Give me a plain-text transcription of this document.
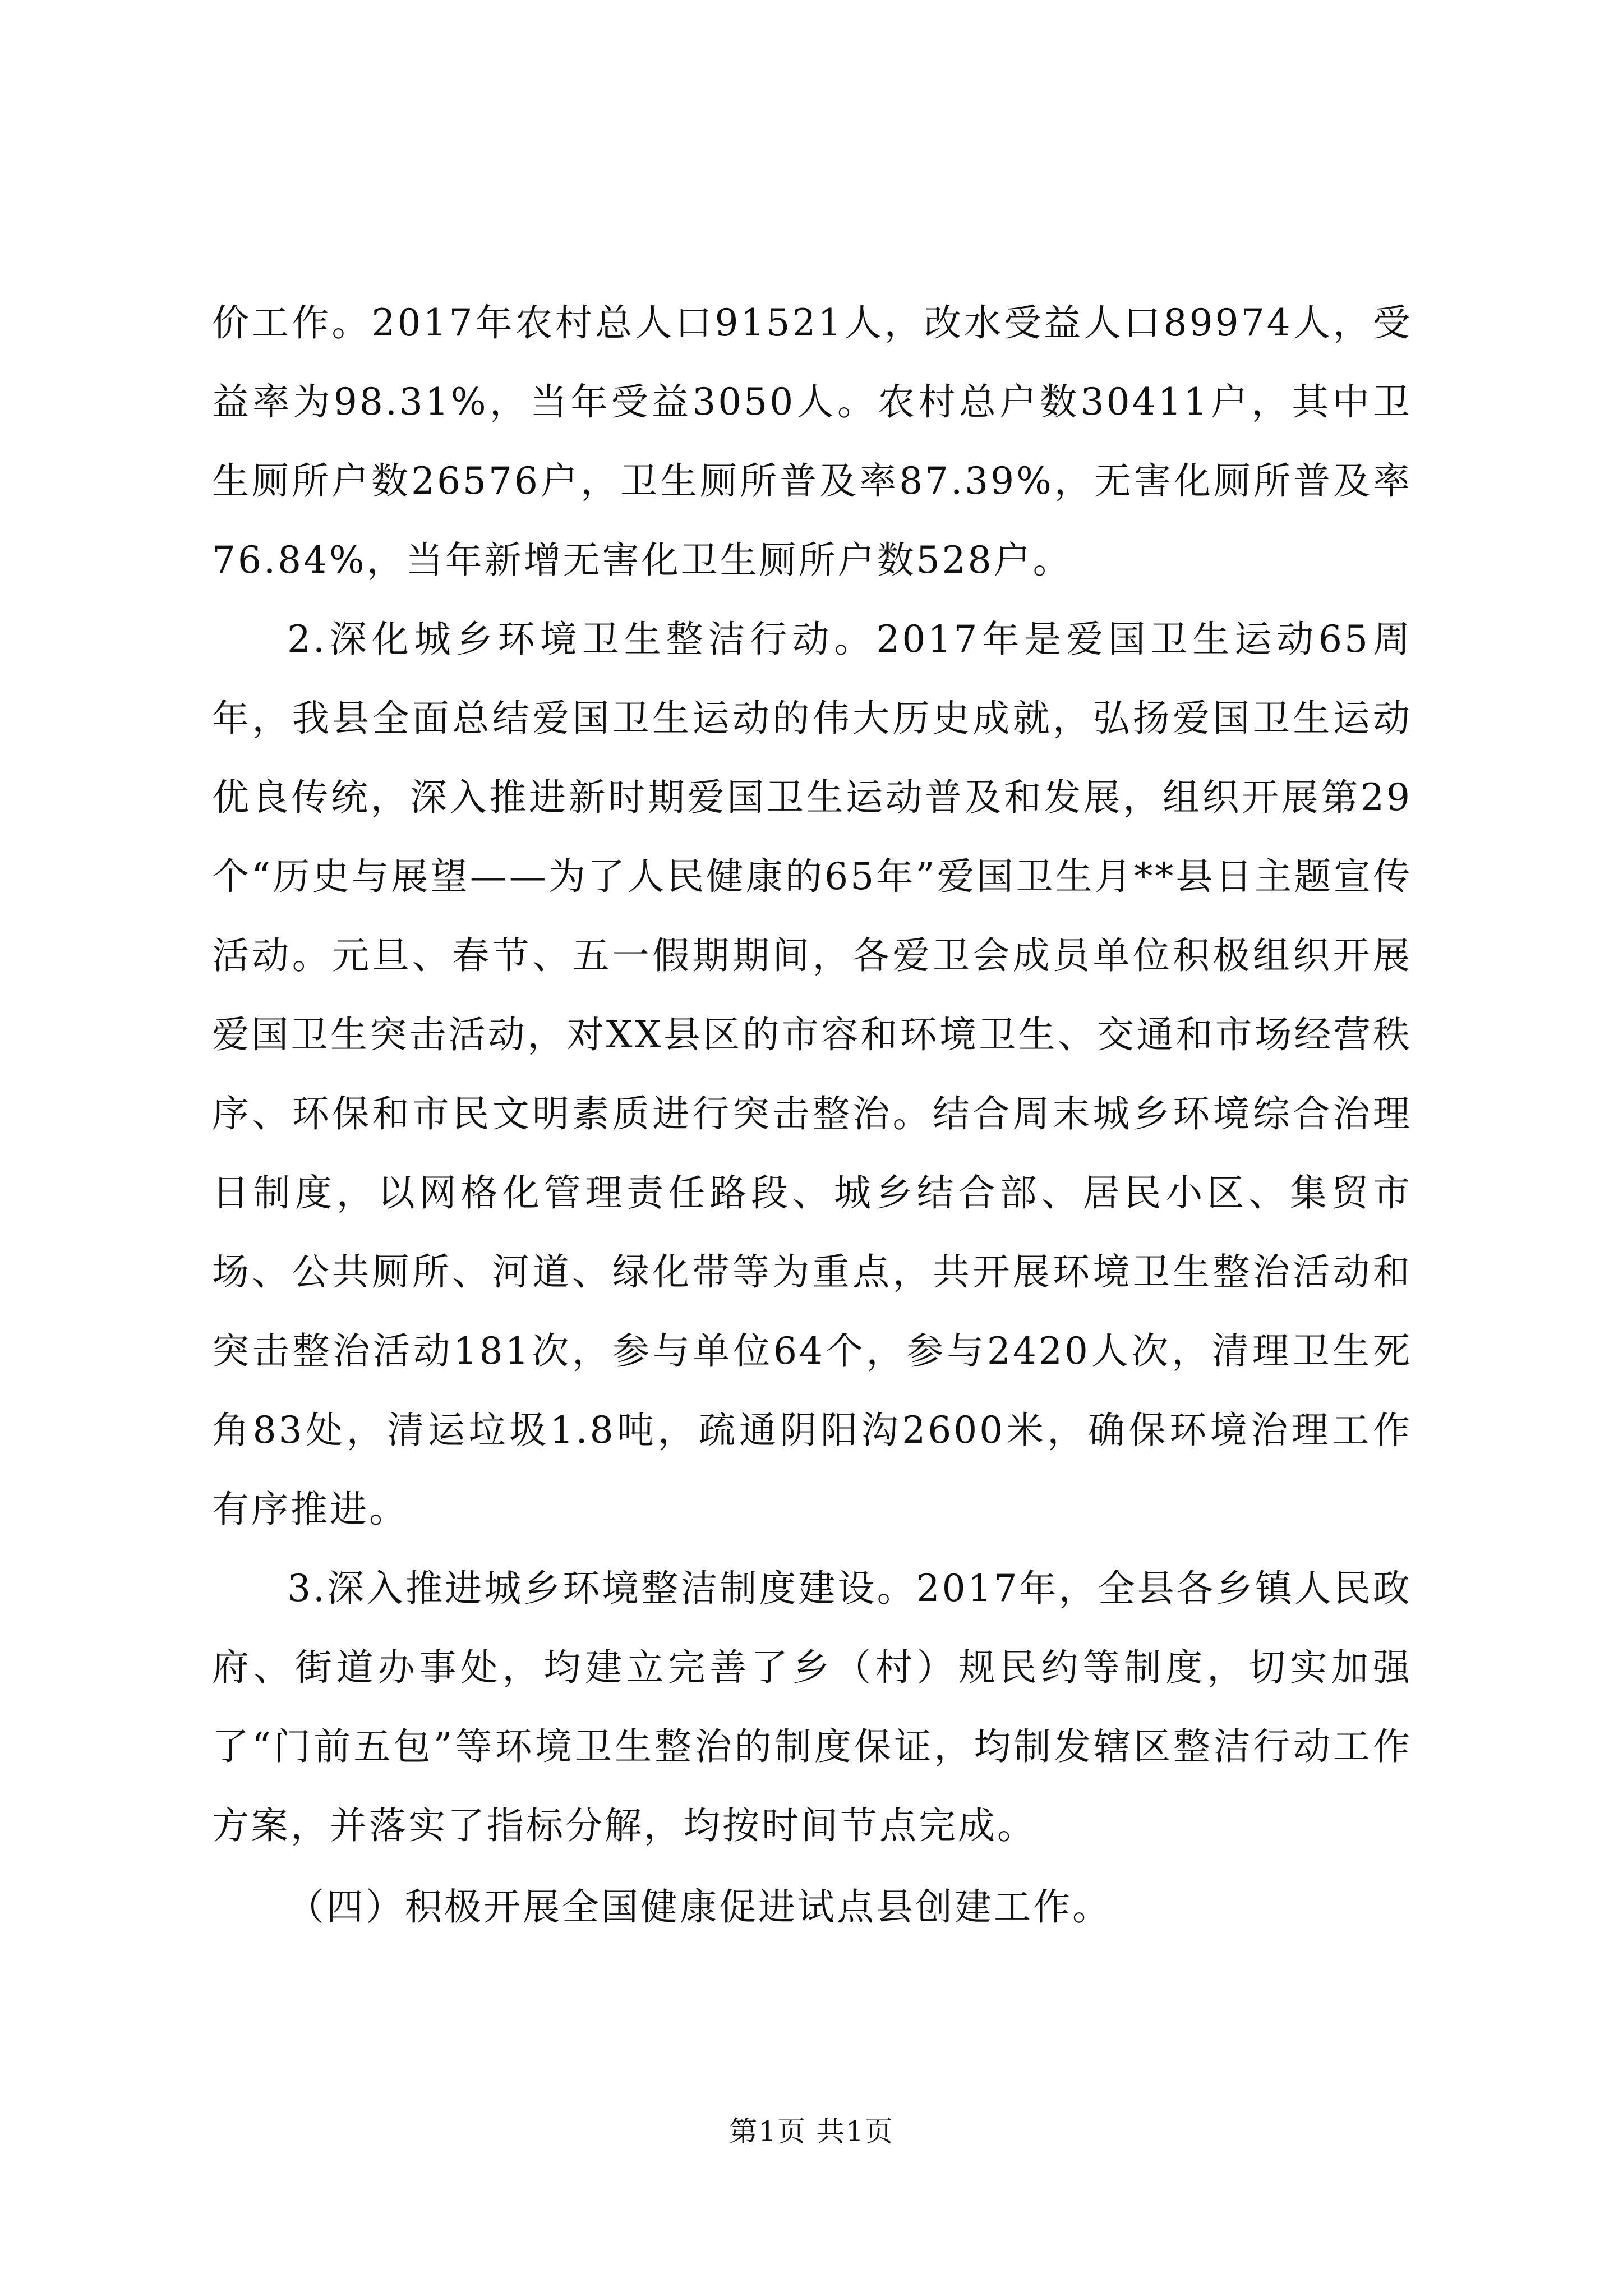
价工作。2017年农村总人口91521人，改水受益人口89974人，受益率为98.31%，当年受益3050人。农村总户数30411户，其中卫生厕所户数26576户，卫生厕所普及率87.39%，无害化厕所普及率76.84%，当年新增无害化卫生厕所户数528户。

2.深化城乡环境卫生整洁行动。2017年是爱国卫生运动65周年，我县全面总结爱国卫生运动的伟大历史成就，弘扬爱国卫生运动优良传统，深入推进新时期爱国卫生运动普及和发展，组织开展第29个“历史与展望——为了人民健康的65年”爱国卫生月**县日主题宣传活动。元旦、春节、五一假期期间，各爱卫会成员单位积极组织开展爱国卫生突击活动，对XX县区的市容和环境卫生、交通和市场经营秩序、环保和市民文明素质进行突击整治。结合周末城乡环境综合治理日制度，以网格化管理责任路段、城乡结合部、居民小区、集贸市场、公共厕所、河道、绿化带等为重点，共开展环境卫生整治活动和突击整治活动181次，参与单位64个，参与2420人次，清理卫生死角83处，清运垃圾1.8吨，疏通阴阳沟2600米，确保环境治理工作有序推进。

3.深入推进城乡环境整洁制度建设。2017年，全县各乡镇人民政府、街道办事处，均建立完善了乡（村）规民约等制度，切实加强了“门前五包”等环境卫生整治的制度保证，均制发辖区整洁行动工作方案，并落实了指标分解，均按时间节点完成。

（四）积极开展全国健康促进试点县创建工作。

第1页 共1页
